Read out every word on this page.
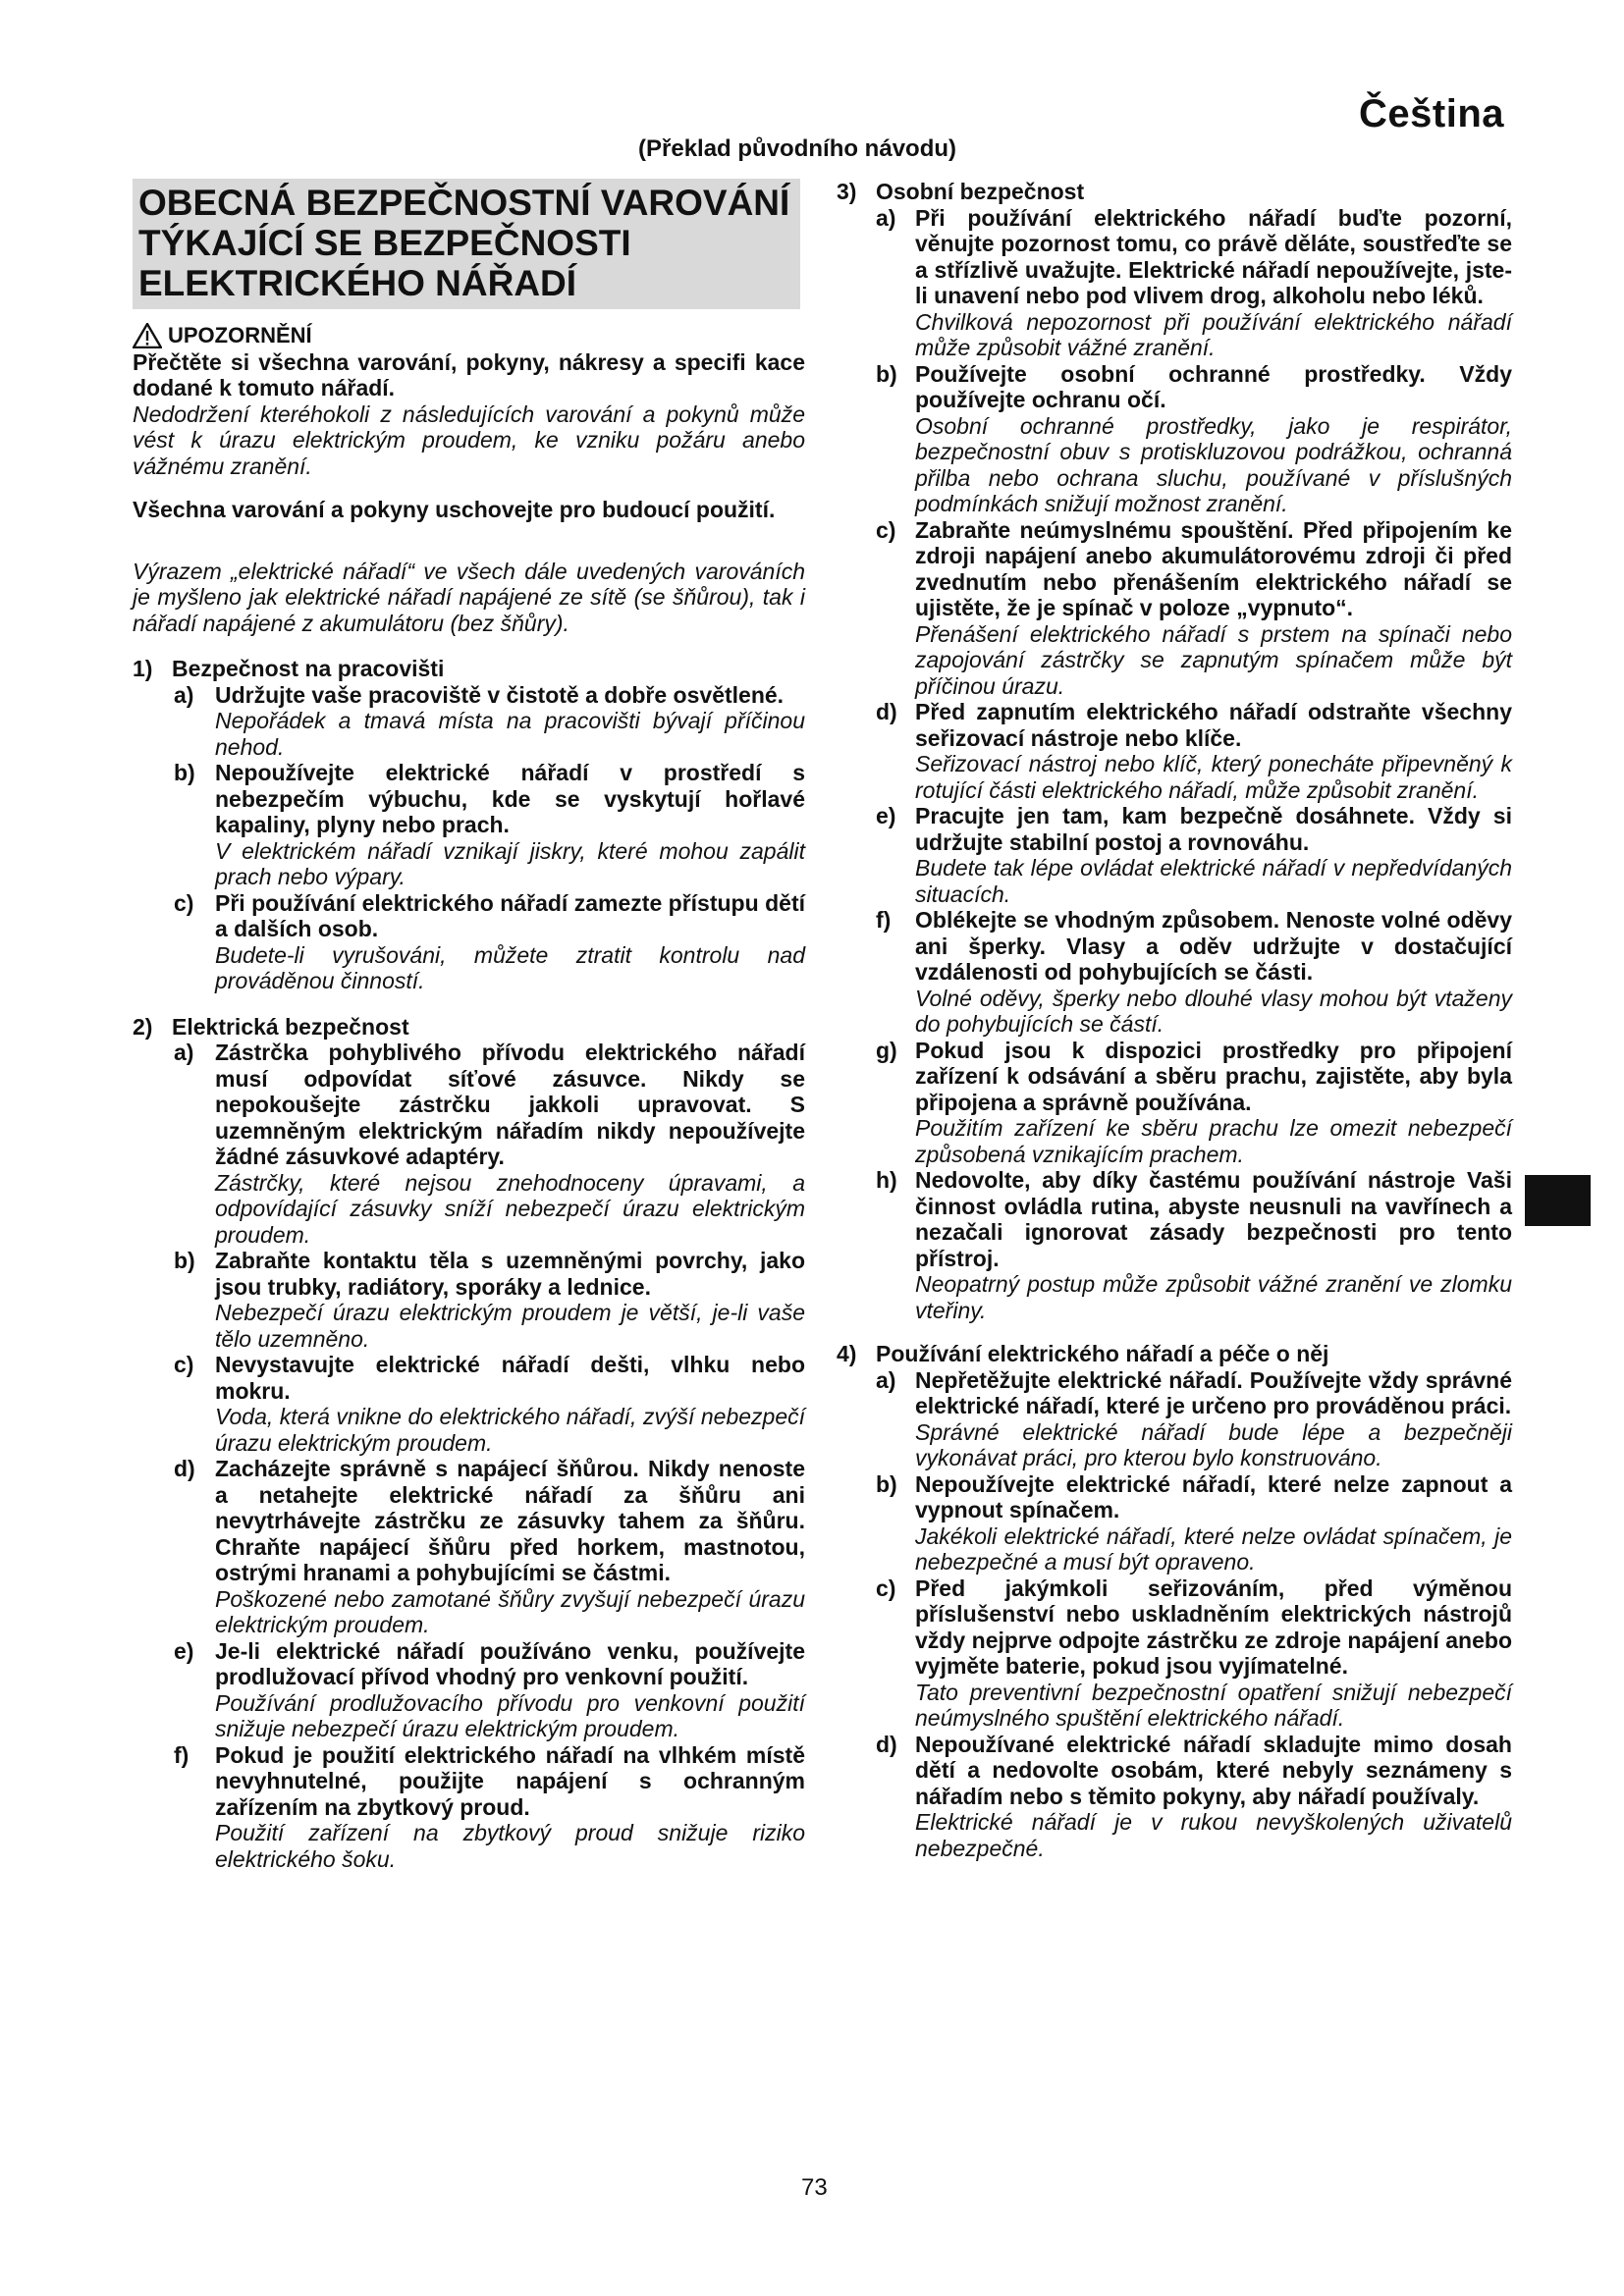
Čeština
(Překlad původního návodu)
OBECNÁ BEZPEČNOSTNÍ VAROVÁNÍ TÝKAJÍCÍ SE BEZPEČNOSTI ELEKTRICKÉHO NÁŘADÍ
UPOZORNĚNÍ
Přečtěte si všechna varování, pokyny, nákresy a specifi kace dodané k tomuto nářadí.
Nedodržení kteréhokoli z následujících varování a pokynů může vést k úrazu elektrickým proudem, ke vzniku požáru anebo vážnému zranění.
Všechna varování a pokyny uschovejte pro budoucí použití.
Výrazem „elektrické nářadí“ ve všech dále uvedených varováních je myšleno jak elektrické nářadí napájené ze sítě (se šňůrou), tak i nářadí napájené z akumulátoru (bez šňůry).
1) Bezpečnost na pracovišti
a) Udržujte vaše pracoviště v čistotě a dobře osvětlené.
Nepořádek a tmavá místa na pracovišti bývají příčinou nehod.
b) Nepoužívejte elektrické nářadí v prostředí s nebezpečím výbuchu, kde se vyskytují hořlavé kapaliny, plyny nebo prach.
V elektrickém nářadí vznikají jiskry, které mohou zapálit prach nebo výpary.
c) Při používání elektrického nářadí zamezte přístupu dětí a dalších osob.
Budete-li vyrušováni, můžete ztratit kontrolu nad prováděnou činností.
2) Elektrická bezpečnost
a) Zástrčka pohyblivého přívodu elektrického nářadí musí odpovídat síťové zásuvce. Nikdy se nepokoušejte zástrčku jakkoli upravovat. S uzemněným elektrickým nářadím nikdy nepoužívejte žádné zásuvkové adaptéry.
Zástrčky, které nejsou znehodnoceny úpravami, a odpovídající zásuvky sníží nebezpečí úrazu elektrickým proudem.
b) Zabraňte kontaktu těla s uzemněnými povrchy, jako jsou trubky, radiátory, sporáky a lednice.
Nebezpečí úrazu elektrickým proudem je větší, je-li vaše tělo uzemněno.
c) Nevystavujte elektrické nářadí dešti, vlhku nebo mokru.
Voda, která vnikne do elektrického nářadí, zvýší nebezpečí úrazu elektrickým proudem.
d) Zacházejte správně s napájecí šňůrou. Nikdy nenoste a netahejte elektrické nářadí za šňůru ani nevytrhávejte zástrčku ze zásuvky tahem za šňůru. Chraňte napájecí šňůru před horkem, mastnotou, ostrými hranami a pohybujícími se částmi.
Poškozené nebo zamotané šňůry zvyšují nebezpečí úrazu elektrickým proudem.
e) Je-li elektrické nářadí používáno venku, používejte prodlužovací přívod vhodný pro venkovní použití.
Používání prodlužovacího přívodu pro venkovní použití snižuje nebezpečí úrazu elektrickým proudem.
f)	Pokud je použití elektrického nářadí na vlhkém místě nevyhnutelné, použijte napájení s ochranným zařízením na zbytkový proud.
Použití zařízení na zbytkový proud snižuje riziko elektrického šoku.
3) Osobní bezpečnost
a) Při používání elektrického nářadí buďte pozorní, věnujte pozornost tomu, co právě děláte, soustřeďte se a střízlivě uvažujte. Elektrické nářadí nepoužívejte, jste-li unavení nebo pod vlivem drog, alkoholu nebo léků.
Chvilková nepozornost při používání elektrického nářadí může způsobit vážné zranění.
b) Používejte osobní ochranné prostředky. Vždy používejte ochranu očí.
Osobní ochranné prostředky, jako je respirátor, bezpečnostní obuv s protiskluzovou podrážkou, ochranná přilba nebo ochrana sluchu, používané v příslušných podmínkách snižují možnost zranění.
c) Zabraňte neúmyslnému spouštění. Před připojením ke zdroji napájení anebo akumulátorovému zdroji či před zvednutím nebo přenášením elektrického nářadí se ujistěte, že je spínač v poloze „vypnuto“.
Přenášení elektrického nářadí s prstem na spínači nebo zapojování zástrčky se zapnutým spínačem může být příčinou úrazu.
d) Před zapnutím elektrického nářadí odstraňte všechny seřizovací nástroje nebo klíče.
Seřizovací nástroj nebo klíč, který ponecháte připevněný k rotující části elektrického nářadí, může způsobit zranění.
e) Pracujte jen tam, kam bezpečně dosáhnete. Vždy si udržujte stabilní postoj a rovnováhu.
Budete tak lépe ovládat elektrické nářadí v nepředvídaných situacích.
f)	Oblékejte se vhodným způsobem. Nenoste volné oděvy ani šperky. Vlasy a oděv udržujte v dostačující vzdálenosti od pohybujících se části.
Volné oděvy, šperky nebo dlouhé vlasy mohou být vtaženy do pohybujících se částí.
g) Pokud jsou k dispozici prostředky pro připojení zařízení k odsávání a sběru prachu, zajistěte, aby byla připojena a správně používána.
Použitím zařízení ke sběru prachu lze omezit nebezpečí způsobená vznikajícím prachem.
h) Nedovolte, aby díky častému používání nástroje Vaši činnost ovládla rutina, abyste neusnuli na vavřínech a nezačali ignorovat zásady bezpečnosti pro tento přístroj.
Neopatrný postup může způsobit vážné zranění ve zlomku vteřiny.
4) Používání elektrického nářadí a péče o něj
a) Nepřetěžujte elektrické nářadí. Používejte vždy správné elektrické nářadí, které je určeno pro prováděnou práci.
Správné elektrické nářadí bude lépe a bezpečněji vykonávat práci, pro kterou bylo konstruováno.
b) Nepoužívejte elektrické nářadí, které nelze zapnout a vypnout spínačem.
Jakékoli elektrické nářadí, které nelze ovládat spínačem, je nebezpečné a musí být opraveno.
c) Před jakýmkoli seřizováním, před výměnou příslušenství nebo uskladněním elektrických nástrojů vždy nejprve odpojte zástrčku ze zdroje napájení anebo vyjměte baterie, pokud jsou vyjímatelné.
Tato preventivní bezpečnostní opatření snižují nebezpečí neúmyslného spuštění elektrického nářadí.
d) Nepoužívané elektrické nářadí skladujte mimo dosah dětí a nedovolte osobám, které nebyly seznámeny s nářadím nebo s těmito pokyny, aby nářadí používaly.
Elektrické nářadí je v rukou nevyškolených uživatelů nebezpečné.
73
